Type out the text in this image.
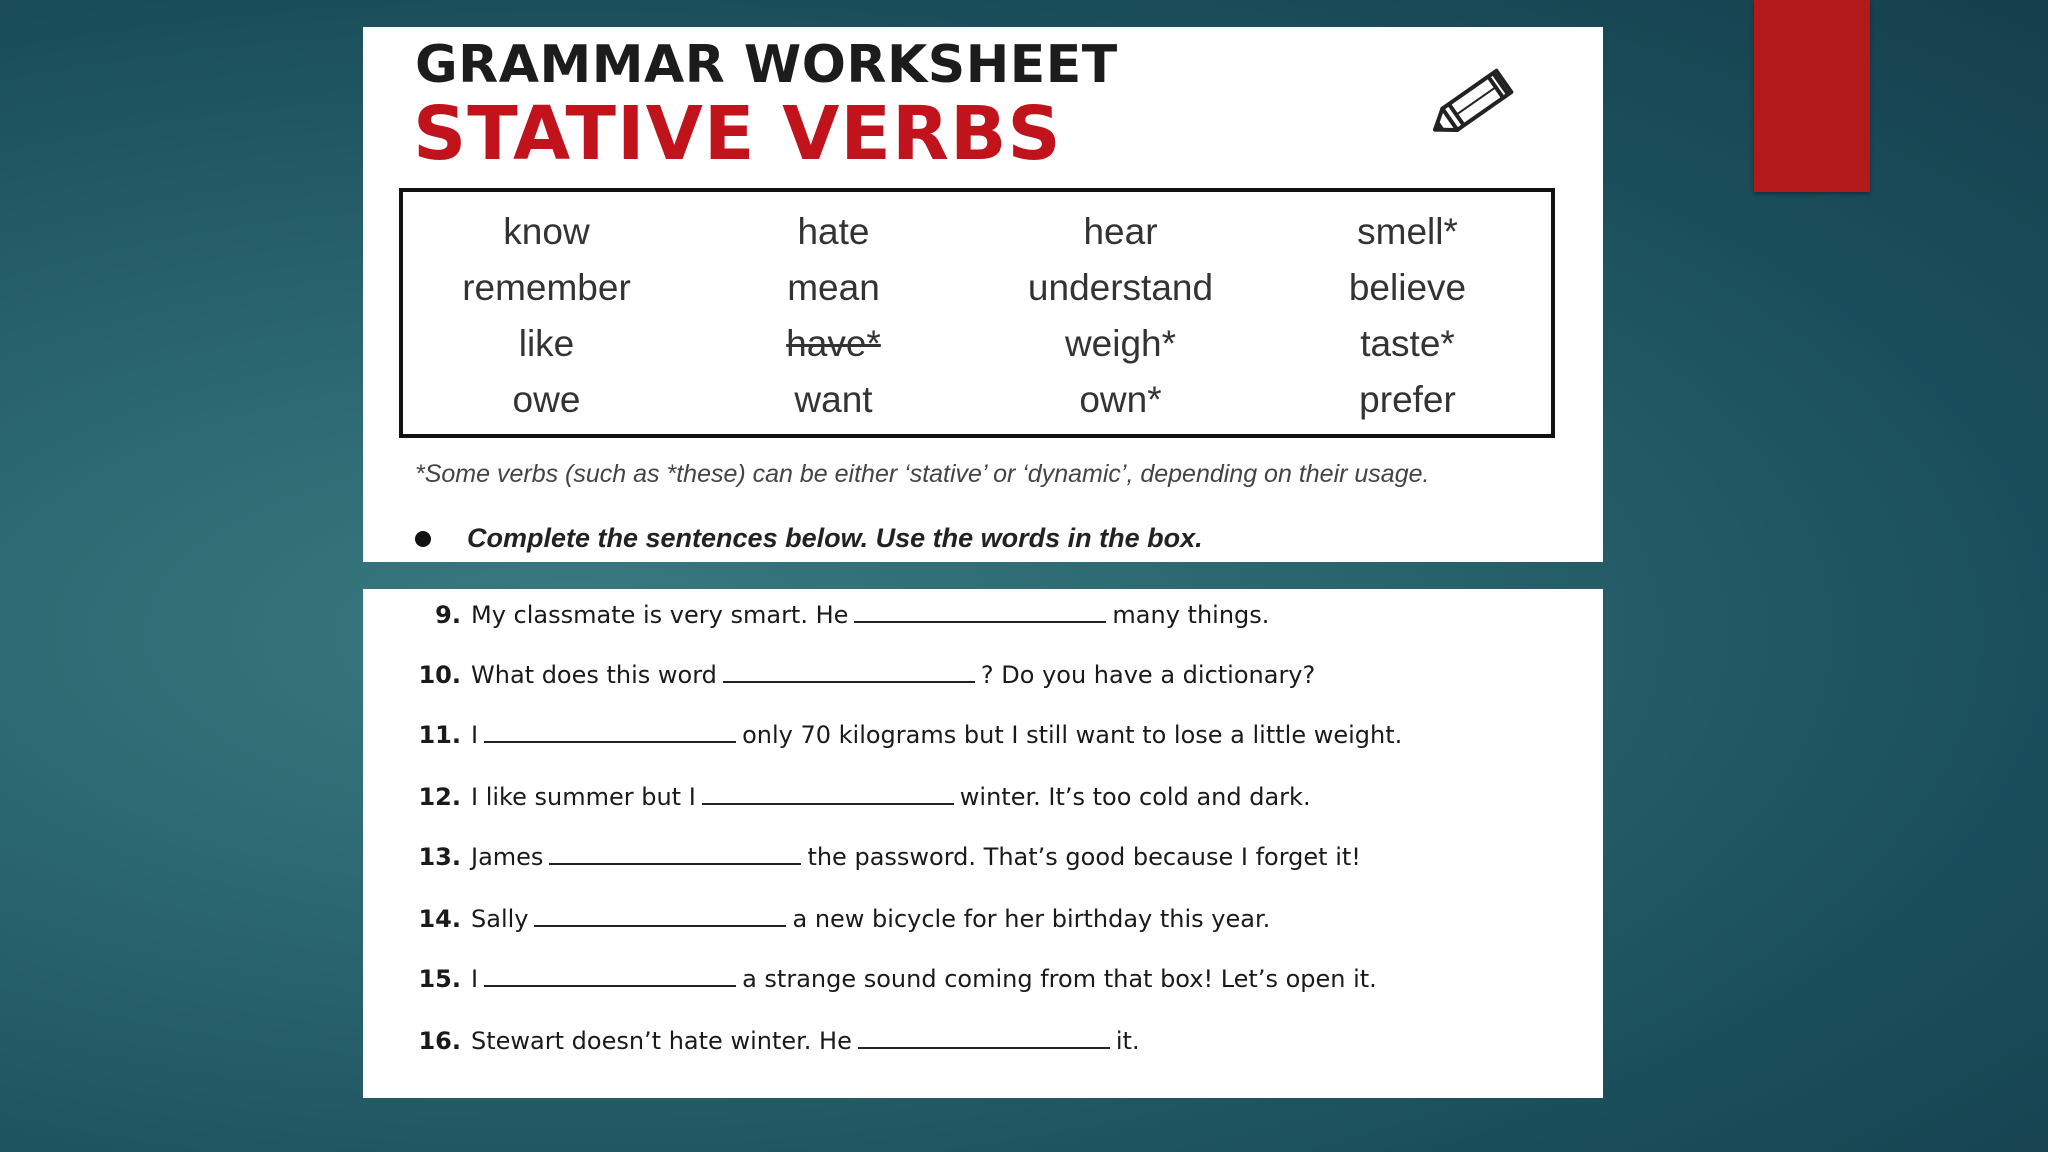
GRAMMAR WORKSHEET
STATIVE VERBS
know	hate	hear	smell*
remember	mean	understand	believe
like	have*	weigh*	taste*
owe	want	own*	prefer
*Some verbs (such as *these) can be either ‘stative’ or ‘dynamic’, depending on their usage.
Complete the sentences below. Use the words in the box.
9. My classmate is very smart. He	many things.
10. What does this word	? Do you have a dictionary?
11. I	only 70 kilograms but I still want to lose a little weight.
12. I like summer but I	winter. It’s too cold and dark.
13. James	the password. That’s good because I forget it!
14. Sally	a new bicycle for her birthday this year.
15. I	a strange sound coming from that box! Let’s open it.
16. Stewart doesn’t hate winter. He	it.
